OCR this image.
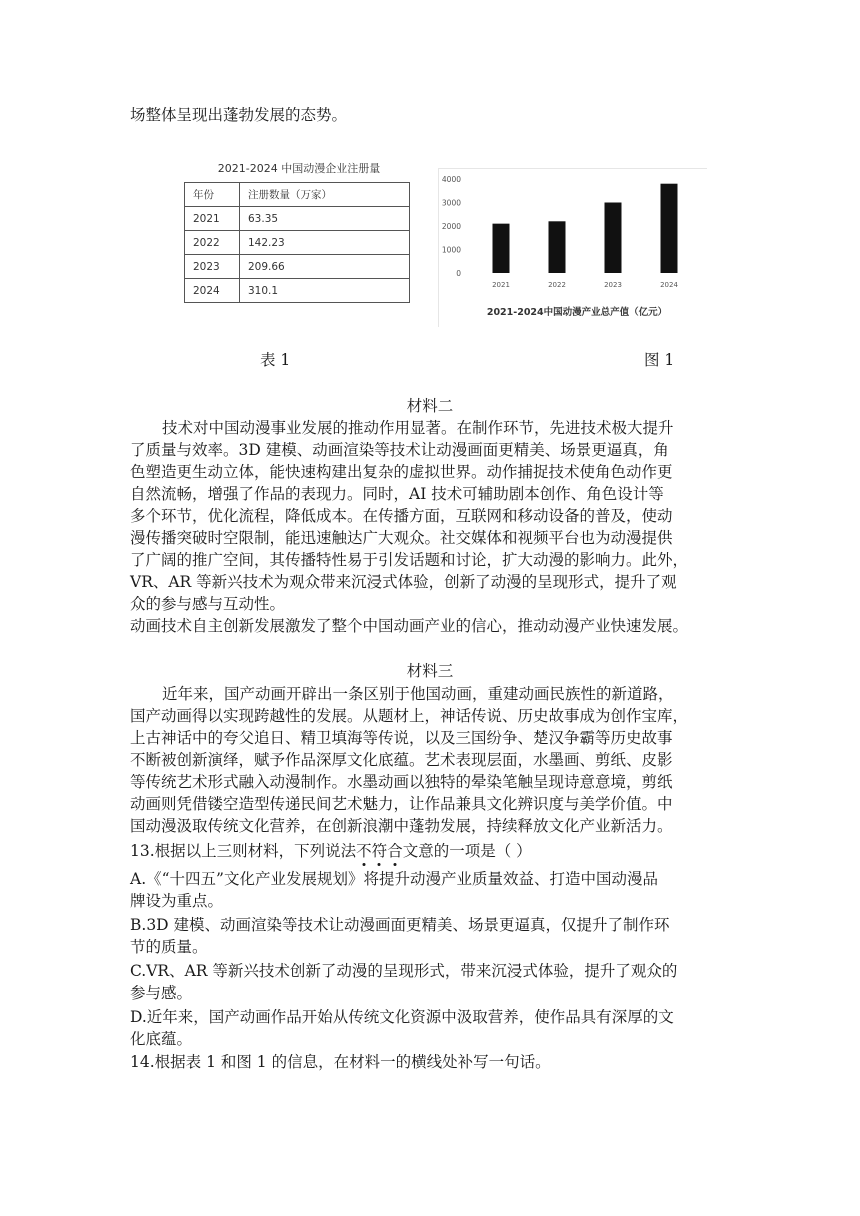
场整体呈现出蓬勃发展的态势。
2021-2024 中国动漫企业注册量
年份	注册数量（万家）
2021	63.35
2022	142.23
2023	209.66
2024	310.1
0
1000
2000
3000
4000
2021	2022	2023	2024
2021-2024中国动漫产业总产值（亿元）
表 1	图 1
材料二
技术对中国动漫事业发展的推动作用显著。在制作环节，先进技术极大提升
了质量与效率。3D 建模、动画渲染等技术让动漫画面更精美、场景更逼真，角
色塑造更生动立体，能快速构建出复杂的虚拟世界。动作捕捉技术使角色动作更
自然流畅，增强了作品的表现力。同时，AI 技术可辅助剧本创作、角色设计等
多个环节，优化流程，降低成本。在传播方面，互联网和移动设备的普及，使动
漫传播突破时空限制，能迅速触达广大观众。社交媒体和视频平台也为动漫提供
了广阔的推广空间，其传播特性易于引发话题和讨论，扩大动漫的影响力。此外，
VR、AR 等新兴技术为观众带来沉浸式体验，创新了动漫的呈现形式，提升了观
众的参与感与互动性。
动画技术自主创新发展激发了整个中国动画产业的信心，推动动漫产业快速发展。
材料三
近年来，国产动画开辟出一条区别于他国动画，重建动画民族性的新道路，
国产动画得以实现跨越性的发展。从题材上，神话传说、历史故事成为创作宝库，
上古神话中的夸父追日、精卫填海等传说，以及三国纷争、楚汉争霸等历史故事
不断被创新演绎，赋予作品深厚文化底蕴。艺术表现层面，水墨画、剪纸、皮影
等传统艺术形式融入动漫制作。水墨动画以独特的晕染笔触呈现诗意意境，剪纸
动画则凭借镂空造型传递民间艺术魅力，让作品兼具文化辨识度与美学价值。中
国动漫汲取传统文化营养，在创新浪潮中蓬勃发展，持续释放文化产业新活力。
13.根据以上三则材料，下列说法不符合文意的一项是（ ）
A.《“十四五”文化产业发展规划》将提升动漫产业质量效益、打造中国动漫品
牌设为重点。
B.3D 建模、动画渲染等技术让动漫画面更精美、场景更逼真，仅提升了制作环
节的质量。
C.VR、AR 等新兴技术创新了动漫的呈现形式，带来沉浸式体验，提升了观众的
参与感。
D.近年来，国产动画作品开始从传统文化资源中汲取营养，使作品具有深厚的文
化底蕴。
14.根据表 1 和图 1 的信息，在材料一的横线处补写一句话。
